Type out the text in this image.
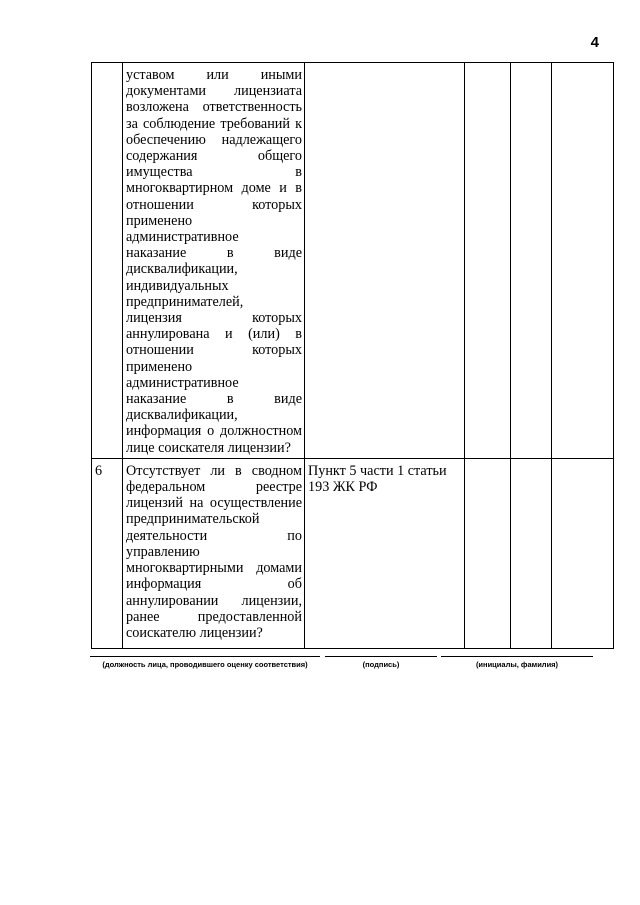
4
	уставом или иными документами лицензиата возложена ответственность за соблюдение требований к обеспечению надлежащего содержания общего имущества в многоквартирном доме и в отношении которых применено административное наказание в виде дисквалификации, индивидуальных предпринимателей, лицензия которых аннулирована и (или) в отношении которых применено административное наказание в виде дисквалификации, информация о должностном лице соискателя лицензии?				
6	Отсутствует ли в сводном федеральном реестре лицензий на осуществление предпринимательской деятельности по управлению многоквартирными домами информация об аннулировании лицензии, ранее предоставленной соискателю лицензии?	Пункт 5 части 1 статьи 193 ЖК РФ			
(должность лица, проводившего оценку соответствия)	(подпись)	(инициалы, фамилия)
